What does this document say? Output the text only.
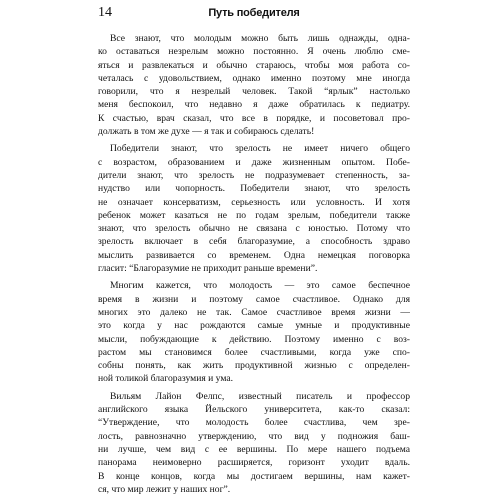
14	Путь победителя
Все знают, что молодым можно быть лишь однажды, одна-
ко оставаться незрелым можно постоянно. Я очень люблю сме-
яться и развлекаться и обычно стараюсь, чтобы моя работа со-
четалась с удовольствием, однако именно поэтому мне иногда
говорили, что я незрелый человек. Такой “ярлык” настолько
меня беспокоил, что недавно я даже обратилась к педиатру.
К счастью, врач сказал, что все в порядке, и посоветовал про-
должать в том же духе — я так и собираюсь сделать!
Победители знают, что зрелость не имеет ничего общего
с возрастом, образованием и даже жизненным опытом. Побе-
дители знают, что зрелость не подразумевает степенность, за-
нудство или чопорность. Победители знают, что зрелость
не означает консерватизм, серьезность или условность. И хотя
ребенок может казаться не по годам зрелым, победители также
знают, что зрелость обычно не связана с юностью. Потому что
зрелость включает в себя благоразумие, а способность здраво
мыслить развивается со временем. Одна немецкая поговорка
гласит: “Благоразумие не приходит раньше времени”.
Многим кажется, что молодость — это самое беспечное
время в жизни и поэтому самое счастливое. Однако для
многих это далеко не так. Самое счастливое время жизни —
это когда у нас рождаются самые умные и продуктивные
мысли, побуждающие к действию. Поэтому именно с воз-
растом мы становимся более счастливыми, когда уже спо-
собны понять, как жить продуктивной жизнью с определен-
ной толикой благоразумия и ума.
Вильям Лайон Фелпс, известный писатель и профессор
английского языка Йельского университета, как-то сказал:
“Утверждение, что молодость более счастлива, чем зре-
лость, равнозначно утверждению, что вид у подножия баш-
ни лучше, чем вид с ее вершины. По мере нашего подъема
панорама неимоверно расширяется, горизонт уходит вдаль.
В конце концов, когда мы достигаем вершины, нам кажет-
ся, что мир лежит у наших ног”.
